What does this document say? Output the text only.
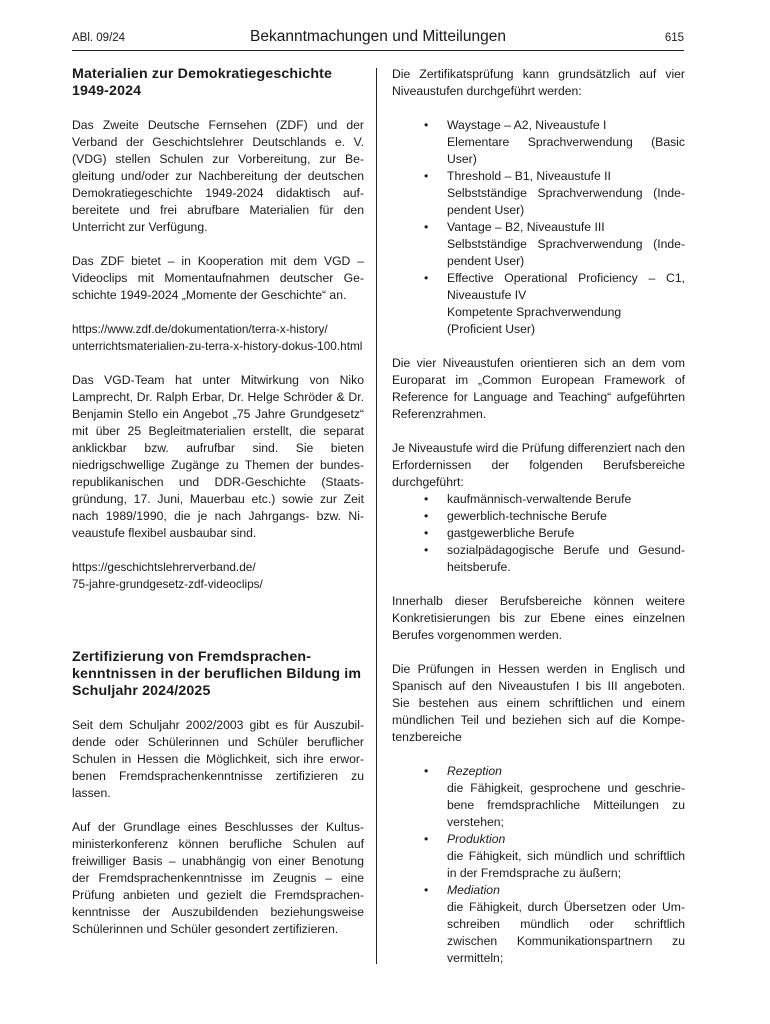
ABl. 09/24	Bekanntmachungen und Mitteilungen	615
Materialien zur Demokratiegeschichte 1949-2024

Das Zweite Deutsche Fernsehen (ZDF) und der Verband der Geschichtslehrer Deutschlands e. V. (VDG) stellen Schulen zur Vorbereitung, zur Begleitung und/oder zur Nachbereitung der deutschen Demokratiegeschichte 1949-2024 didaktisch aufbereitete und frei abrufbare Materialien für den Unterricht zur Verfügung.

Das ZDF bietet – in Kooperation mit dem VGD – Videoclips mit Momentaufnahmen deutscher Geschichte 1949-2024 „Momente der Geschichte“ an.

https://www.zdf.de/dokumentation/terra-x-history/
unterrichtsmaterialien-zu-terra-x-history-dokus-100.html

Das VGD-Team hat unter Mitwirkung von Niko Lamprecht, Dr. Ralph Erbar, Dr. Helge Schröder & Dr. Benjamin Stello ein Angebot „75 Jahre Grundgesetz“ mit über 25 Begleitmaterialien erstellt, die separat anklickbar bzw. aufrufbar sind. Sie bieten niedrigschwellige Zugänge zu Themen der bundesrepublikanischen und DDR-Geschichte (Staatsgründung, 17. Juni, Mauerbau etc.) sowie zur Zeit nach 1989/1990, die je nach Jahrgangs- bzw. Niveaustufe flexibel ausbaubar sind.

https://geschichtslehrerverband.de/
75-jahre-grundgesetz-zdf-videoclips/
Zertifizierung von Fremdsprachenkenntnissen in der beruflichen Bildung im Schuljahr 2024/2025

Seit dem Schuljahr 2002/2003 gibt es für Auszubildende oder Schülerinnen und Schüler beruflicher Schulen in Hessen die Möglichkeit, sich ihre erworbenen Fremdsprachenkenntnisse zertifizieren zu lassen.

Auf der Grundlage eines Beschlusses der Kultusministerkonferenz können berufliche Schulen auf freiwilliger Basis – unabhängig von einer Benotung der Fremdsprachenkenntnisse im Zeugnis – eine Prüfung anbieten und gezielt die Fremdsprachenkenntnisse der Auszubildenden beziehungsweise Schülerinnen und Schüler gesondert zertifizieren.

Die Zertifikatsprüfung kann grundsätzlich auf vier Niveaustufen durchgeführt werden:

• Waystage – A2, Niveaustufe I
Elementare Sprachverwendung (Basic User)
• Threshold – B1, Niveaustufe II
Selbstständige Sprachverwendung (Independent User)
• Vantage – B2, Niveaustufe III
Selbstständige Sprachverwendung (Independent User)
• Effective Operational Proficiency – C1, Niveaustufe IV
Kompetente Sprachverwendung
(Proficient User)

Die vier Niveaustufen orientieren sich an dem vom Europarat im „Common European Framework of Reference for Language and Teaching“ aufgeführten Referenzrahmen.

Je Niveaustufe wird die Prüfung differenziert nach den Erfordernissen der folgenden Berufsbereiche durchgeführt:

• kaufmännisch-verwaltende Berufe
• gewerblich-technische Berufe
• gastgewerbliche Berufe
• sozialpädagogische Berufe und Gesundheitsberufe.

Innerhalb dieser Berufsbereiche können weitere Konkretisierungen bis zur Ebene eines einzelnen Berufes vorgenommen werden.

Die Prüfungen in Hessen werden in Englisch und Spanisch auf den Niveaustufen I bis III angeboten. Sie bestehen aus einem schriftlichen und einem mündlichen Teil und beziehen sich auf die Kompetenzbereiche

• Rezeption
die Fähigkeit, gesprochene und geschriebene fremdsprachliche Mitteilungen zu verstehen;
• Produktion
die Fähigkeit, sich mündlich und schriftlich in der Fremdsprache zu äußern;
• Mediation
die Fähigkeit, durch Übersetzen oder Umschreiben mündlich oder schriftlich zwischen Kommunikationspartnern zu vermitteln;
